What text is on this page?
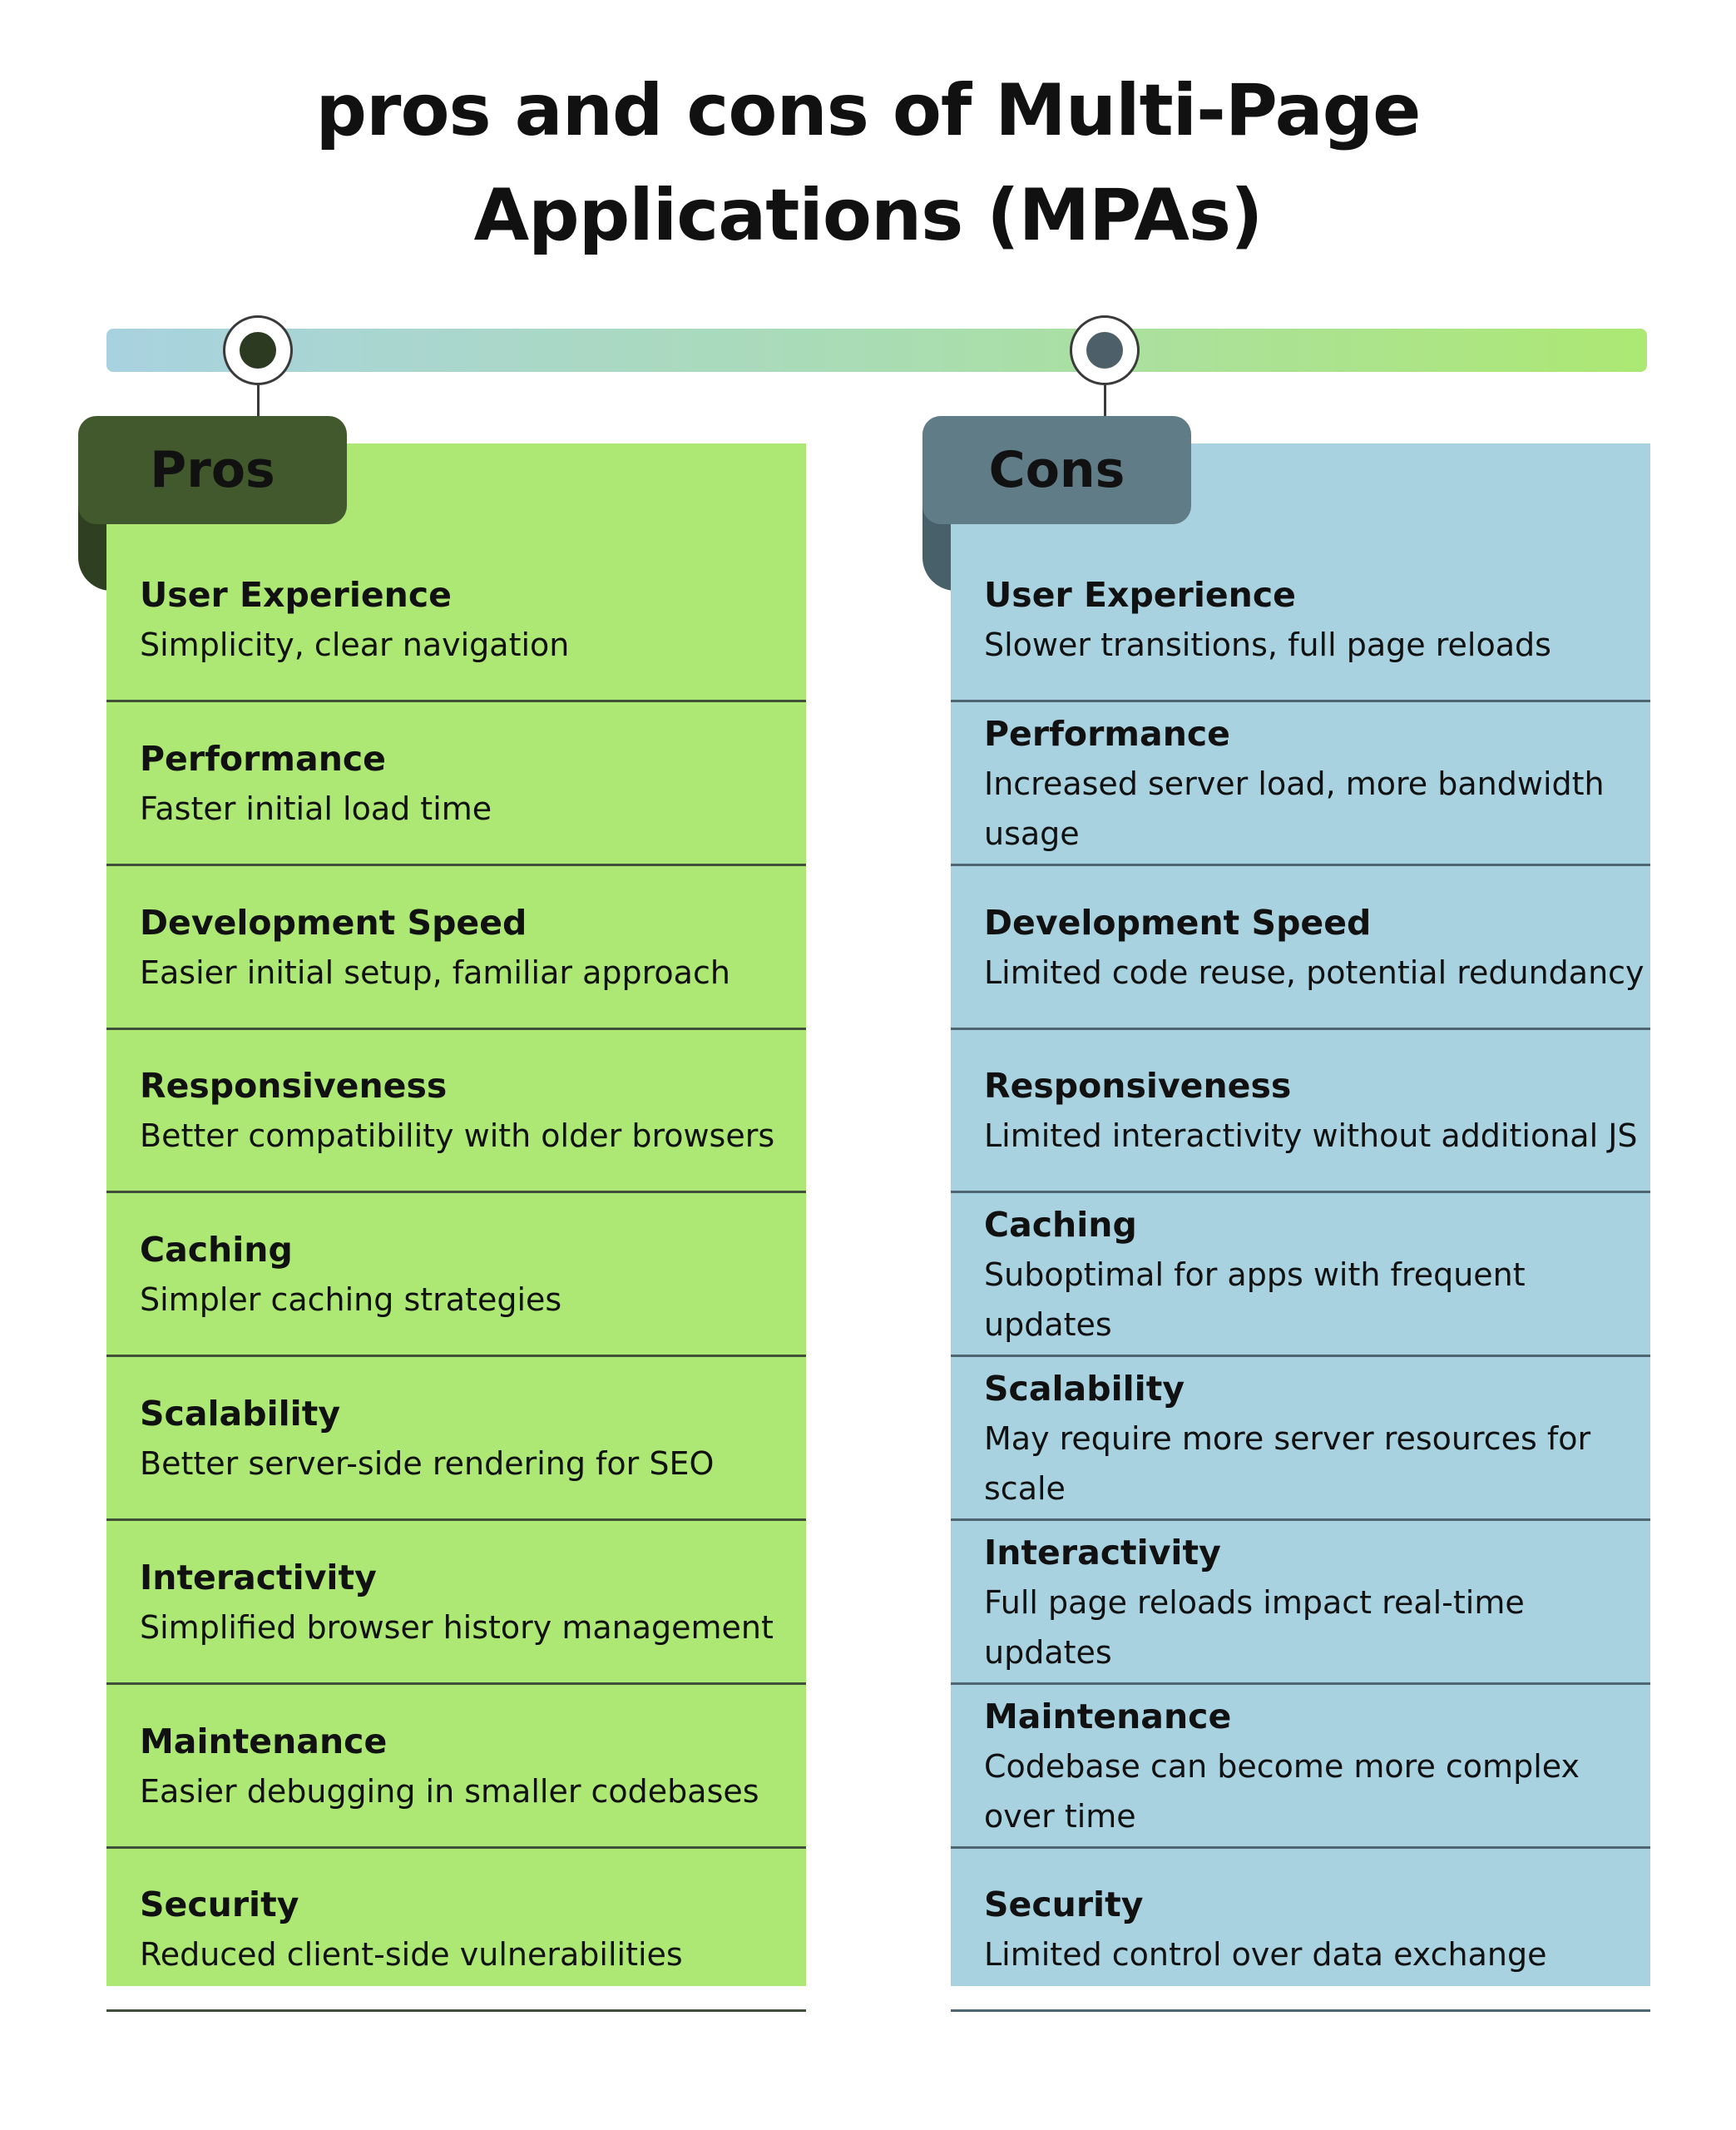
pros and cons of Multi-Page
Applications (MPAs)
User Experience
Simplicity, clear navigation
Performance
Faster initial load time
Development Speed
Easier initial setup, familiar approach
Responsiveness
Better compatibility with older browsers
Caching
Simpler caching strategies
Scalability
Better server-side rendering for SEO
Interactivity
Simplified browser history management
Maintenance
Easier debugging in smaller codebases
Security
Reduced client-side vulnerabilities
Pros
User Experience
Slower transitions, full page reloads
Performance
Increased server load, more bandwidth usage
Development Speed
Limited code reuse, potential redundancy
Responsiveness
Limited interactivity without additional JS
Caching
Suboptimal for apps with frequent updates
Scalability
May require more server resources for scale
Interactivity
Full page reloads impact real-time updates
Maintenance
Codebase can become more complex over time
Security
Limited control over data exchange
Cons
